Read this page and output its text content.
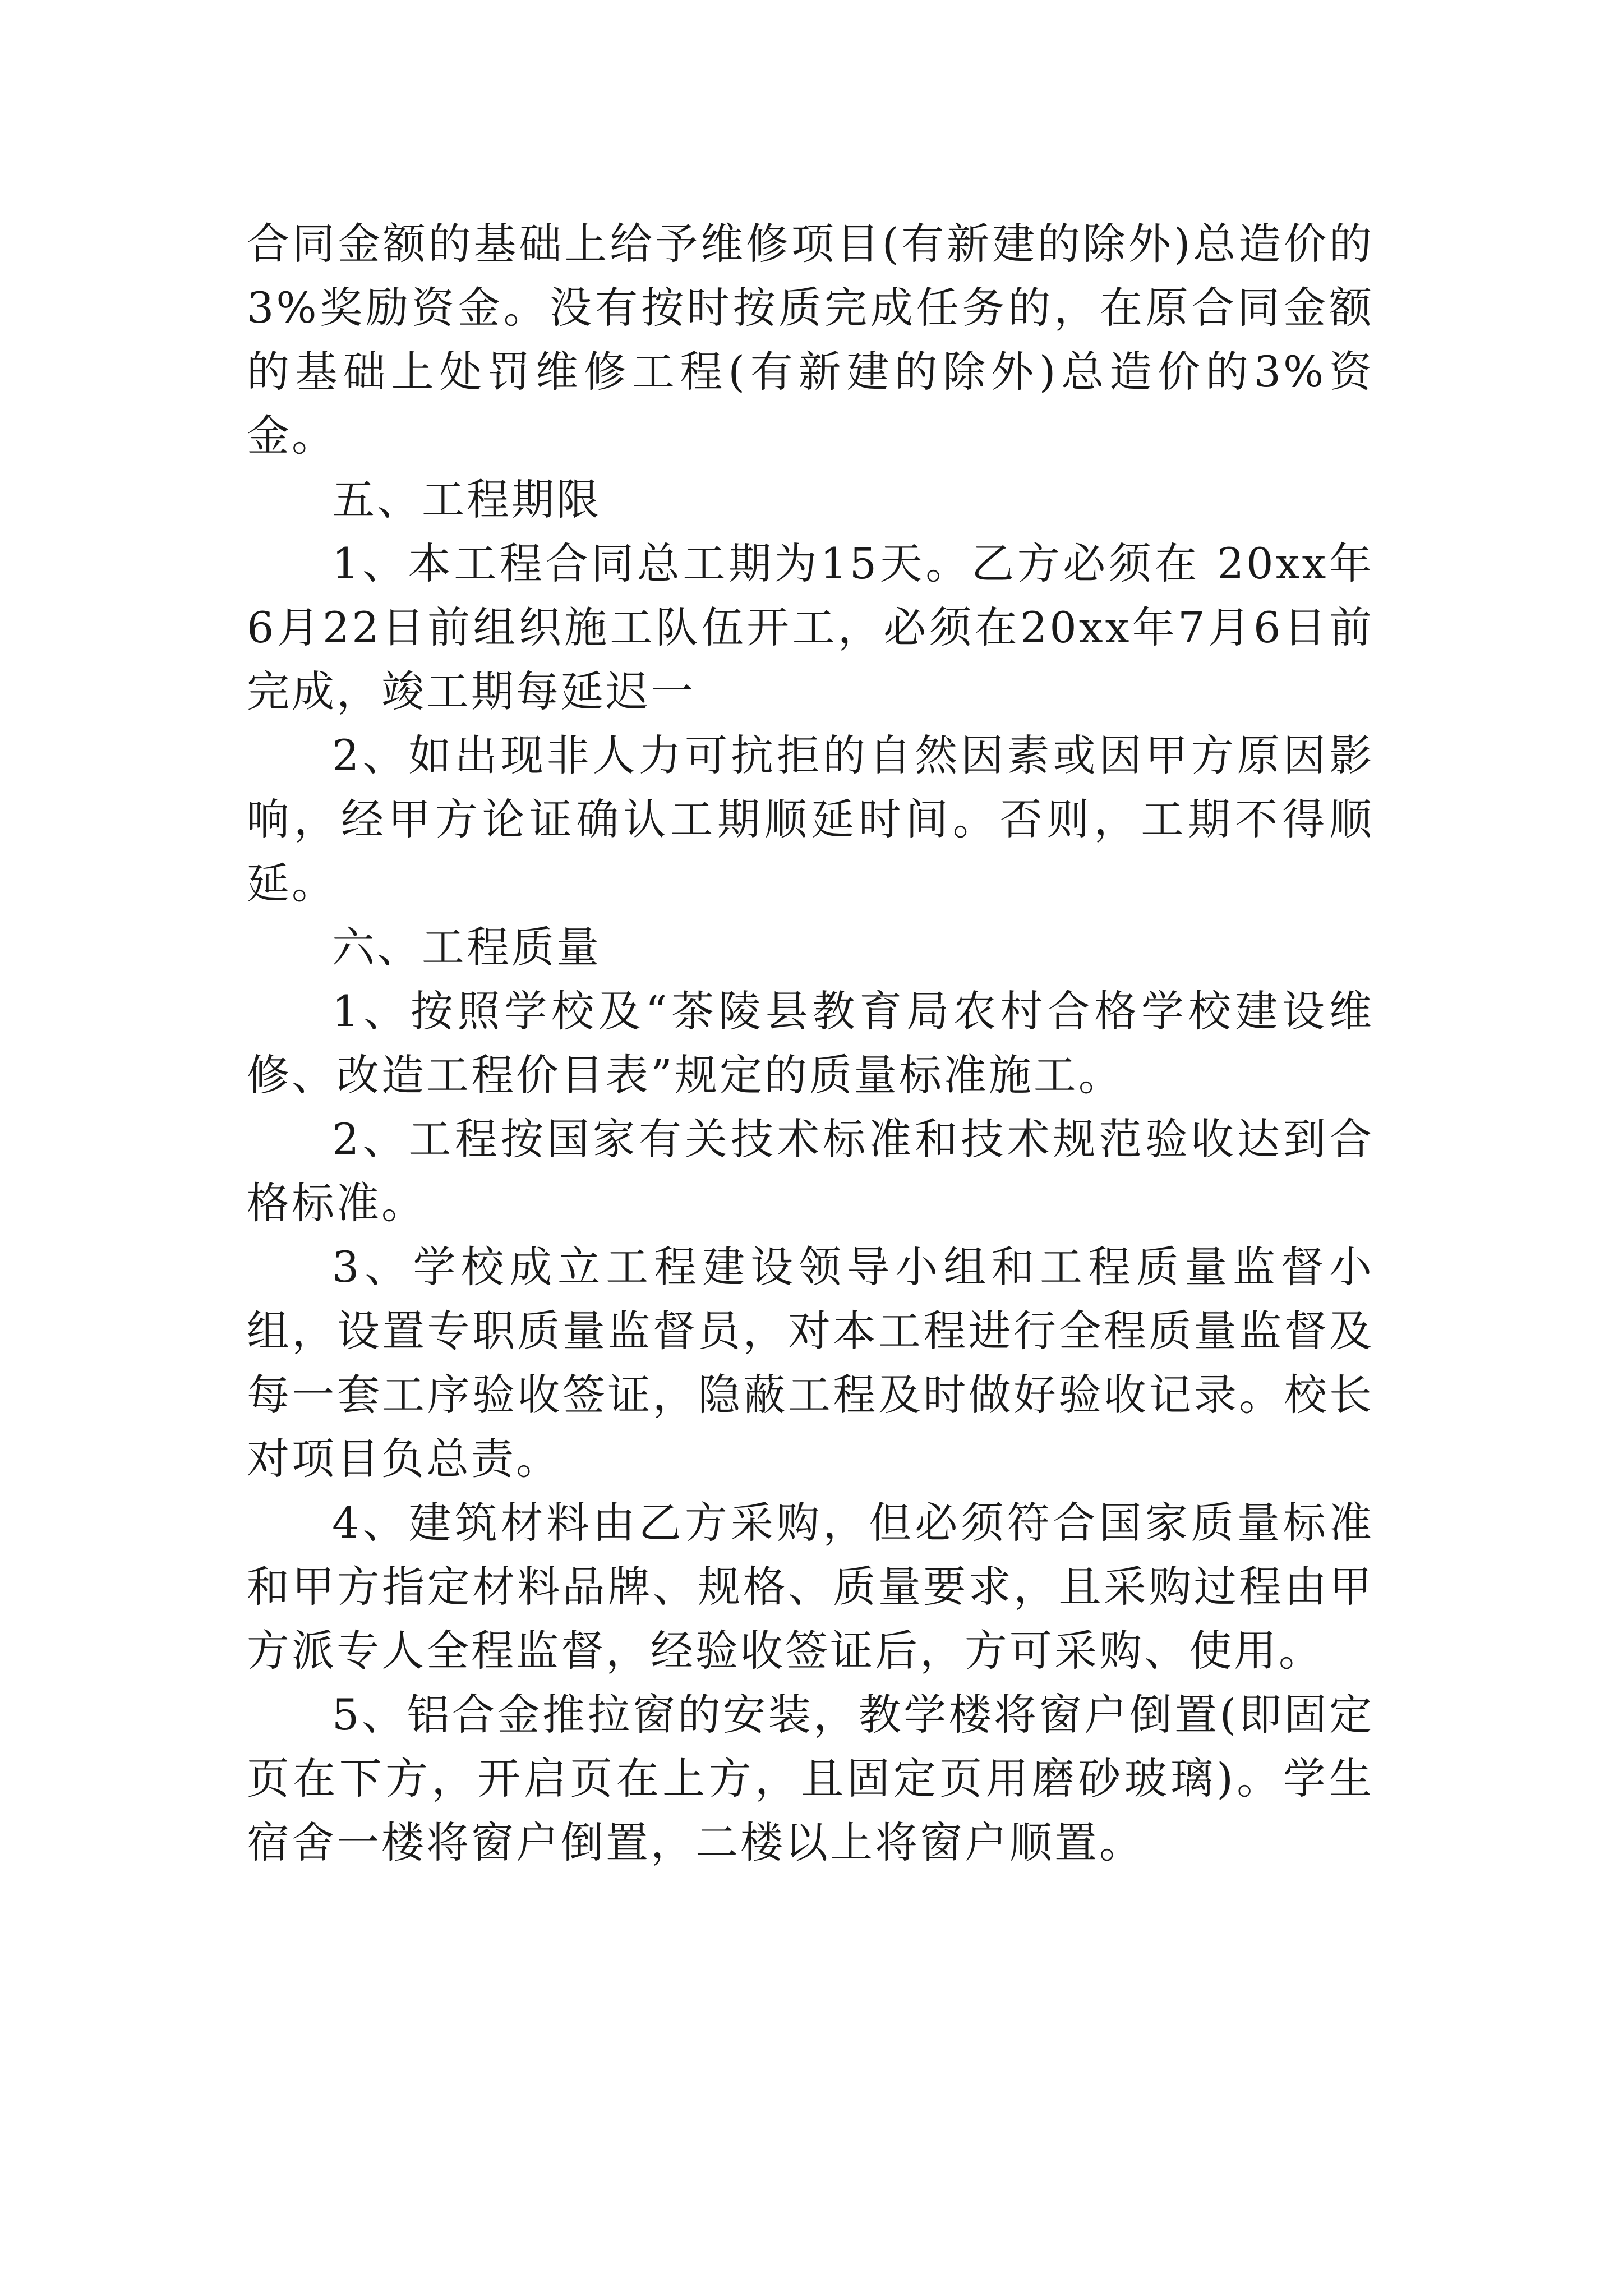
合同金额的基础上给予维修项目(有新建的除外)总造价的3%奖励资金。没有按时按质完成任务的，在原合同金额的基础上处罚维修工程(有新建的除外)总造价的3%资金。

五、工程期限

1、本工程合同总工期为15天。乙方必须在 20xx年6月22日前组织施工队伍开工，必须在20xx年7月6日前完成，竣工期每延迟一

2、如出现非人力可抗拒的自然因素或因甲方原因影响，经甲方论证确认工期顺延时间。否则，工期不得顺延。

六、工程质量

1、按照学校及“茶陵县教育局农村合格学校建设维修、改造工程价目表”规定的质量标准施工。

2、工程按国家有关技术标准和技术规范验收达到合格标准。

3、学校成立工程建设领导小组和工程质量监督小组，设置专职质量监督员，对本工程进行全程质量监督及每一套工序验收签证，隐蔽工程及时做好验收记录。校长对项目负总责。

4、建筑材料由乙方采购，但必须符合国家质量标准和甲方指定材料品牌、规格、质量要求，且采购过程由甲方派专人全程监督，经验收签证后，方可采购、使用。

5、铝合金推拉窗的安装，教学楼将窗户倒置(即固定页在下方，开启页在上方，且固定页用磨砂玻璃)。学生宿舍一楼将窗户倒置，二楼以上将窗户顺置。
